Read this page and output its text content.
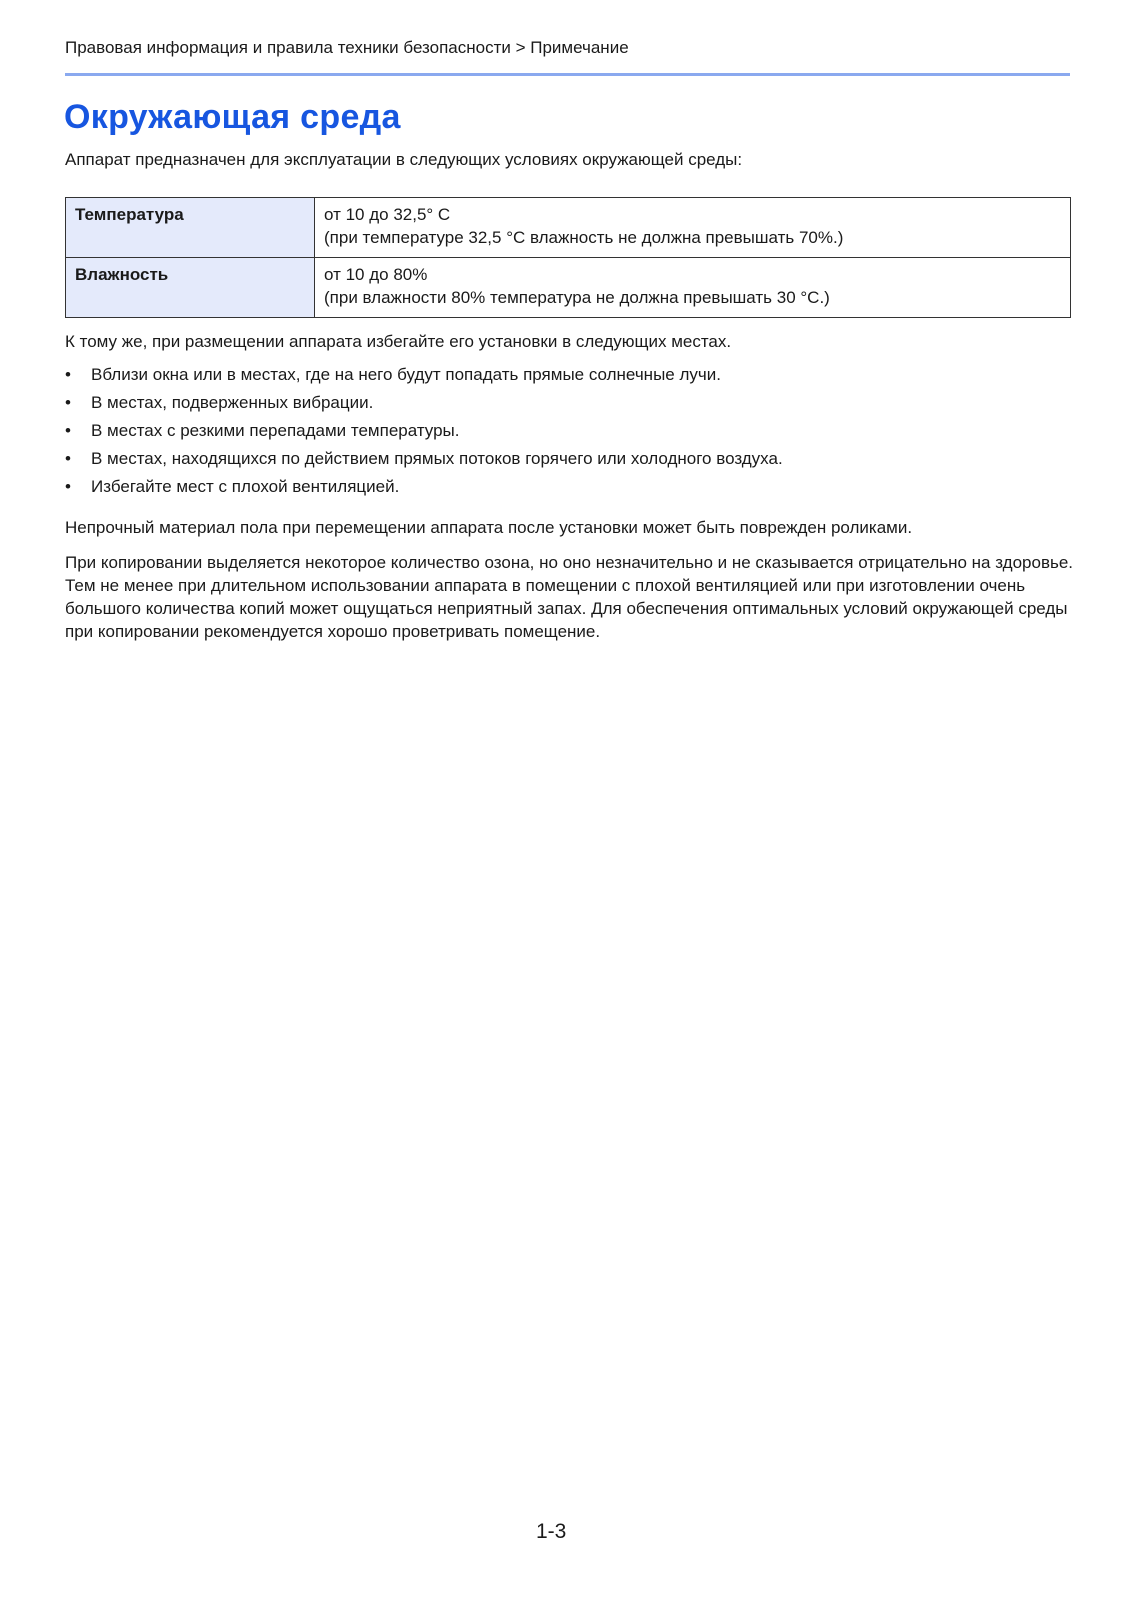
Правовая информация и правила техники безопасности > Примечание
Окружающая среда

Аппарат предназначен для эксплуатации в следующих условиях окружающей среды:

Температура	от 10 до 32,5° C
(при температуре 32,5 °C влажность не должна превышать 70%.)

Влажность	от 10 до 80%
(при влажности 80% температура не должна превышать 30 °C.)

К тому же, при размещении аппарата избегайте его установки в следующих местах.

• Вблизи окна или в местах, где на него будут попадать прямые солнечные лучи.
• В местах, подверженных вибрации.
• В местах с резкими перепадами температуры.
• В местах, находящихся по действием прямых потоков горячего или холодного воздуха.
• Избегайте мест с плохой вентиляцией.

Непрочный материал пола при перемещении аппарата после установки может быть поврежден роликами.

При копировании выделяется некоторое количество озона, но оно незначительно и не сказывается отрицательно на здоровье. Тем не менее при длительном использовании аппарата в помещении с плохой вентиляцией или при изготовлении очень большого количества копий может ощущаться неприятный запах. Для обеспечения оптимальных условий окружающей среды при копировании рекомендуется хорошо проветривать помещение.

1-3
